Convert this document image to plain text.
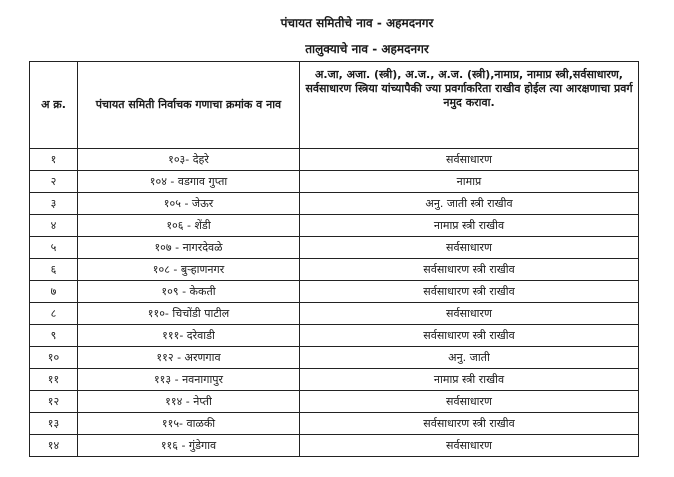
पंचायत समितीचे नाव - अहमदनगर
तालुक्याचे नाव - अहमदनगर
अ क्र.	पंचायत समिती निर्वाचक गणाचा क्रमांक व नाव	अ.जा, अजा. (स्त्री), अ.ज., अ.ज. (स्त्री),नामाप्र, नामाप्र स्त्री,सर्वसाधारण, सर्वसाधारण स्त्रिया यांच्यापैकी ज्या प्रवर्गाकरिता राखीव होईल त्या आरक्षणाचा प्रवर्ग नमुद करावा.
१	१०३- देहरे	सर्वसाधारण
२	१०४ - वडगाव गुप्ता	नामाप्र
३	१०५ - जेऊर	अनु. जाती स्त्री राखीव
४	१०६ - शेंडी	नामाप्र स्त्री राखीव
५	१०७ - नागरदेवळे	सर्वसाधारण
६	१०८ - बुऱ्हाणनगर	सर्वसाधारण स्त्री राखीव
७	१०९ - केकती	सर्वसाधारण स्त्री राखीव
८	११०- चिचोंडी पाटील	सर्वसाधारण
९	१११- दरेवाडी	सर्वसाधारण स्त्री राखीव
१०	११२ - अरणगाव	अनु. जाती
११	११३ - नवनागापुर	नामाप्र स्त्री राखीव
१२	११४ - नेप्ती	सर्वसाधारण
१३	११५- वाळकी	सर्वसाधारण स्त्री राखीव
१४	११६ - गुंडेगाव	सर्वसाधारण
